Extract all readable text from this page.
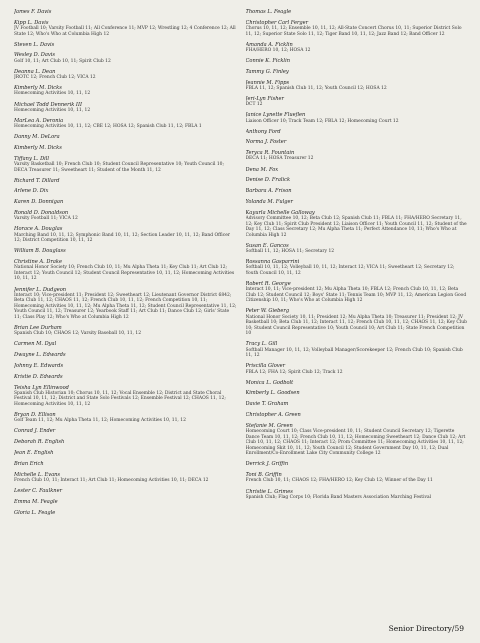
James F. Davis
Kipp L. Davis
JV Football 10; Varsity Football 11; All Conference 11; MVP 12; Wrestling 12; 4 Conference 12; All State 12; Who's Who at Columbia High 12
Steven L. Davis
Wesley D. Davis
Golf 10, 11; Art Club 10, 11; Spirit Club 12
Deanna L. Dean
JROTC 12; French Club 12; VICA 12
Kimberly M. Dicks
Homecoming Activities 10, 11, 12
Michael Todd Dennerik III
Homecoming Activities 10, 11, 12
MarLea A. Deronia
Homecoming Activities 10, 11, 12; CBE 12; HOSA 12; Spanish Club 11, 12; FBLA 1
Danny M. DeLora
Kimberly M. Dicks
Tiffany L. Dill
Varsity Basketball 10; French Club 10; Student Council Representative 10; Youth Council 10; DECA Treasurer 11; Sweetheart 11; Student of the Month 11, 12
Richard T. Dillard
Arlene D. Dix
Karen D. Donnigan
Ronald D. Donaldson
Varsity Football 11; VICA 12
Horace A. Douglas
Marching Band 10, 11, 12; Symphonic Band 10, 11, 12; Section Leader 10, 11, 12; Band Officer 12; District Competition 10, 11, 12
William B. Douglass
Christine A. Drake
National Honor Society 10; French Club 10, 11; Mu Alpha Theta 11; Key Club 11; Art Club 12; Interact 12; Youth Council 12; Student Council Representative 10, 11, 12; Homecoming Activities 10, 11, 12
Jennifer L. Dudgeon
Interact 10; Vice-president 11; President 12; Sweetheart 12; Lieutenant Governor District 6842; Beta Club 11, 12; CHAOS 11, 12; French Club 10, 11, 12; French Competition 10, 11; Homecoming Activities 10, 11, 12; Mu Alpha Theta 11, 12; Student Council Representative 11, 12; Youth Council 11, 12; Treasurer 12; Yearbook Staff 11; Art Club 11; Dance Club 12; Girls' State 11; Class Play 12; Who's Who at Columbia High 12
Brian Lee Durham
Spanish Club 10; CHAOS 12; Varsity Baseball 10, 11, 12
Carmen M. Dyal
Dwayne L. Edwards
Johnny E. Edwards
Kristie D. Edwards
Teisha Lyn Ellinwood
Spanish Club Historian 10; Chorus 10, 11, 12; Vocal Ensemble 12; District and State Choral Festival 10, 11, 12; District and State Solo Festivals 12; Ensemble Festival 12; CHAOS 11, 12; Homecoming Activities 10, 11, 12
Bryan D. Ellison
Golf Team 11, 12; Mu Alpha Theta 11, 12; Homecoming Activities 10, 11, 12
Conrad J. Ender
Deborah R. English
Jean E. English
Brian Erich
Michelle L. Evans
French Club 10, 11; Interact 11; Art Club 11; Homecoming Activities 10, 11; DECA 12
Lester C. Faulkner
Emma M. Feagle
Gloria L. Feagle
Thomas L. Feagle
Christopher Carl Ferger
Chorus 10, 11, 12; Ensemble 10, 11, 12; All-State Concert Chorus 10, 11; Superior District Solo 11, 12; Superior State Solo 11, 12; Tiger Band 10, 11, 12; Jazz Band 12; Band Officer 12
Amanda A. Ficklin
FHA/HERO 10, 12; HOSA 12
Connie K. Ficklin
Tammy G. Finley
Jeannie M. Fipps
FBLA 11, 12; Spanish Club 11, 12; Youth Council 12; HOSA 12
Jeri-Lyn Fisher
DCT 12
Janice Lynette Flueflen
Liaison Officer 10; Track Team 12; FBLA 12; Homecoming Court 12
Anthony Ford
Norma J. Foster
Teryca R. Fountain
DECA 11; HOSA Treasurer 12
Dena M. Fox
Denise D. Fralick
Barbara A. Frison
Yolanda M. Fulger
Kayurla Michelle Galloway
Advisory Committee 10, 12; Beta Club 12; Spanish Club 11; FBLA 11; FHA/HERO Secretary 11, 12; Key Club 11; Spirit Club President 12; Liaison Officer 11; Youth Council 11, 12; Student of the Day 11, 12; Class Secretary 12; Mu Alpha Theta 11; Perfect Attendance 10, 11; Who's Who at Columbia High 12
Susan E. Gancos
Softball 11, 12; HOSA 11; Secretary 12
Rossanna Gasparrini
Softball 10, 11, 12; Volleyball 10, 11, 12; Interact 12; VICA 11; Sweetheart 12; Secretary 12; Youth Council 10, 11, 12
Robert R. George
Interact 10, 11; Vice-president 12; Mu Alpha Theta 10; FBLA 12; French Club 10, 11, 12; Beta Club 12; Student Council 12; Boys' State 11; Tennis Team 10; MVP 11, 12; American Legion Good Citizenship 10, 11; Who's Who at Columbia High 12
Peter W. Gieberg
National Honor Society 10, 11; President 12; Mu Alpha Theta 10; Treasurer 11; President 12; JV Basketball 10; Beta Club 11, 12; Interact 11, 12; French Club 10, 11, 12; CHAOS 11, 12; Key Club 10; Student Council Representative 10; Youth Council 10; Art Club 11; State French Competition 10
Tracy L. Gill
Softball Manager 10, 11, 12; Volleyball Manager/Scorekeeper 12; French Club 10; Spanish Club 11, 12
Priscilla Glover
FBLA 12; FHA 12; Spirit Club 12; Track 12
Monica L. Godbolt
Kimberly L. Goodsen
Davie T. Graham
Christopher A. Green
Stefanie M. Green
Homecoming Court 10; Class Vice-president 10, 11; Student Council Secretary 12; Tigerette Dance Team 10, 11, 12; French Club 10, 11, 12; Homecoming Sweetheart 12; Dance Club 12; Art Club 10, 11, 12; CHAOS 11; Interact 12; Prom Committee 11; Homecoming Activities 10, 11, 12; Homecoming Skit 10, 11, 12; Youth Council 12; Student Government Day 10, 11, 12; Dual Enrollment/Co-Enrollment Lake City Community College 12
Derrick J. Griffin
Toni B. Griffin
French Club 10, 11; CHAOS 12; FHA/HERO 12; Key Club 12; Winner of the Day 11
Christie L. Grimes
Spanish Club; Flag Corps 10; Florida Band Masters Association Marching Festival
Senior Directory/59
